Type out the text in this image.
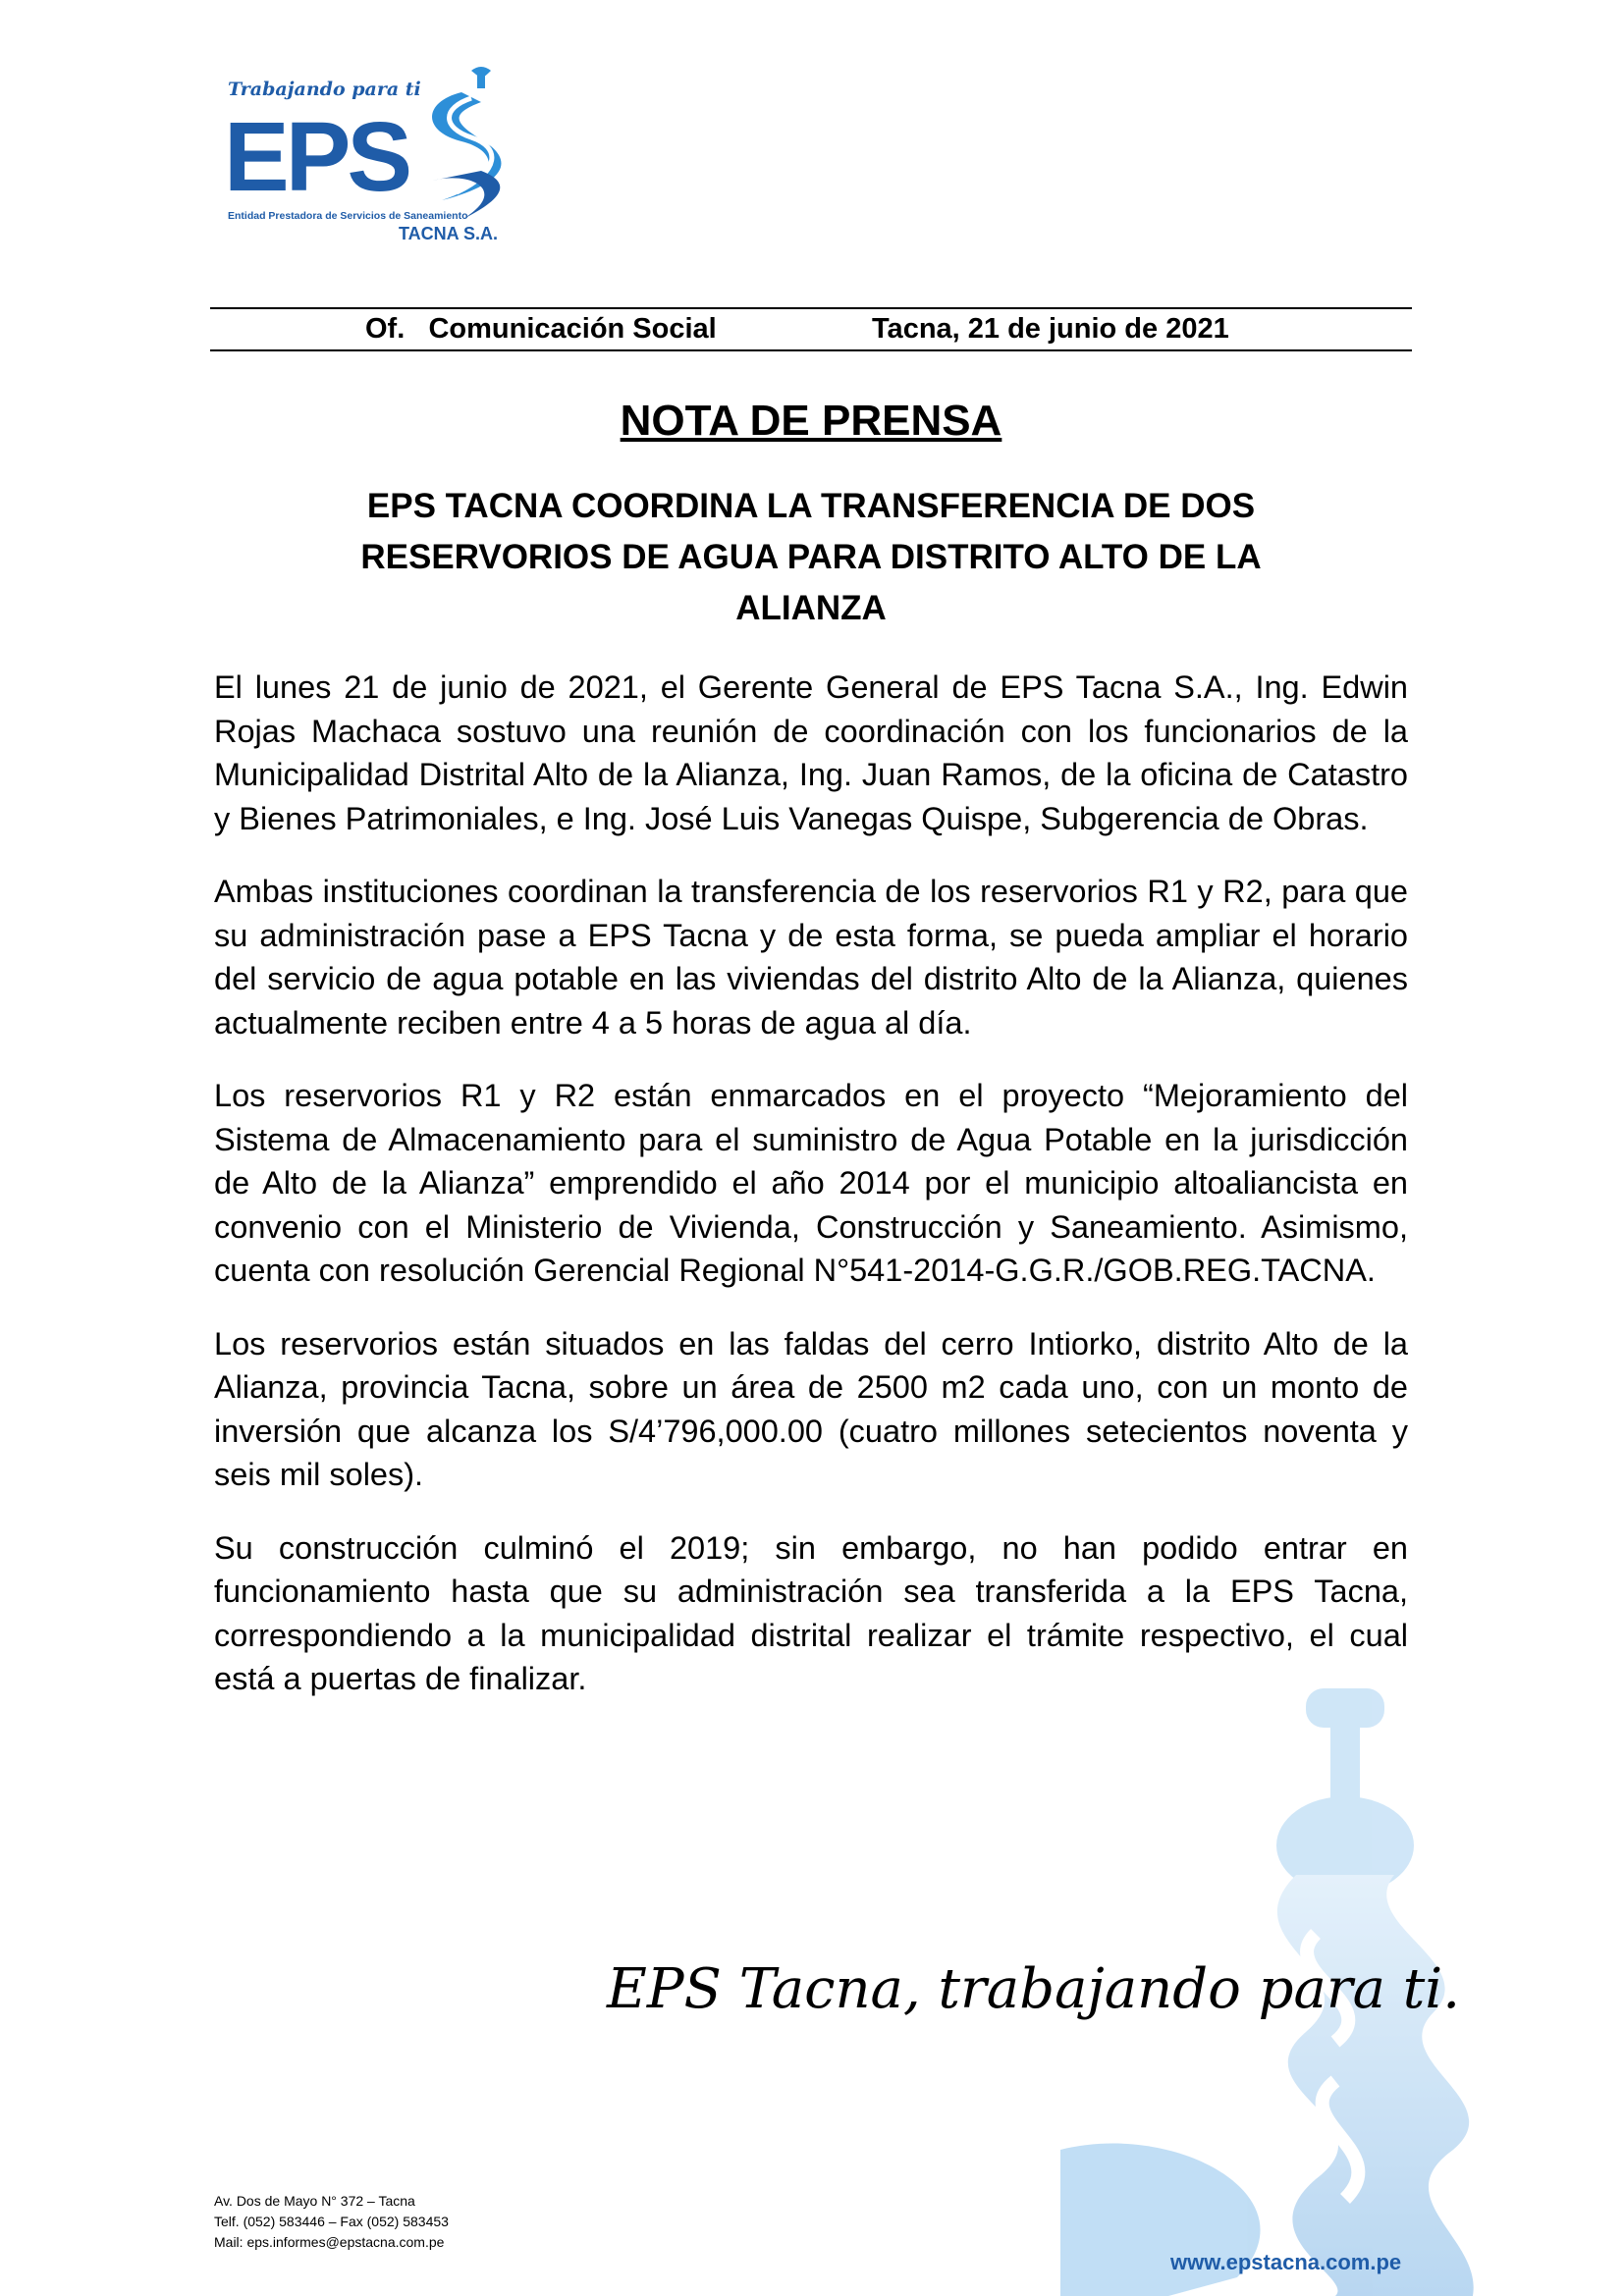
Trabajando para ti
EPS
Entidad Prestadora de Servicios de Saneamiento
TACNA S.A.
Of.   Comunicación Social	Tacna, 21 de junio de 2021
NOTA DE PRENSA
EPS TACNA COORDINA LA TRANSFERENCIA DE DOS RESERVORIOS DE AGUA PARA DISTRITO ALTO DE LA ALIANZA

El lunes 21 de junio de 2021, el Gerente General de EPS Tacna S.A., Ing. Edwin Rojas Machaca sostuvo una reunión de coordinación con los funcionarios de la Municipalidad Distrital Alto de la Alianza, Ing. Juan Ramos, de la oficina de Catastro y Bienes Patrimoniales, e Ing. José Luis Vanegas Quispe, Subgerencia de Obras.

Ambas instituciones coordinan la transferencia de los reservorios R1 y R2, para que su administración pase a EPS Tacna y de esta forma, se pueda ampliar el horario del servicio de agua potable en las viviendas del distrito Alto de la Alianza, quienes actualmente reciben entre 4 a 5 horas de agua al día.

Los reservorios R1 y R2 están enmarcados en el proyecto “Mejoramiento del Sistema de Almacenamiento para el suministro de Agua Potable en la jurisdicción de Alto de la Alianza” emprendido el año 2014 por el municipio altoaliancista en convenio con el Ministerio de Vivienda, Construcción y Saneamiento. Asimismo, cuenta con resolución Gerencial Regional N°541-2014-G.G.R./GOB.REG.TACNA.

Los reservorios están situados en las faldas del cerro Intiorko, distrito Alto de la Alianza, provincia Tacna, sobre un área de 2500 m2 cada uno, con un monto de inversión que alcanza los S/4’796,000.00 (cuatro millones setecientos noventa y seis mil soles).

Su construcción culminó el 2019; sin embargo, no han podido entrar en funcionamiento hasta que su administración sea transferida a la EPS Tacna, correspondiendo a la municipalidad distrital realizar el trámite respectivo, el cual está a puertas de finalizar.

EPS Tacna, trabajando para ti.
Av. Dos de Mayo N° 372 – Tacna
Telf. (052) 583446 – Fax (052) 583453
Mail: eps.informes@epstacna.com.pe
www.epstacna.com.pe
